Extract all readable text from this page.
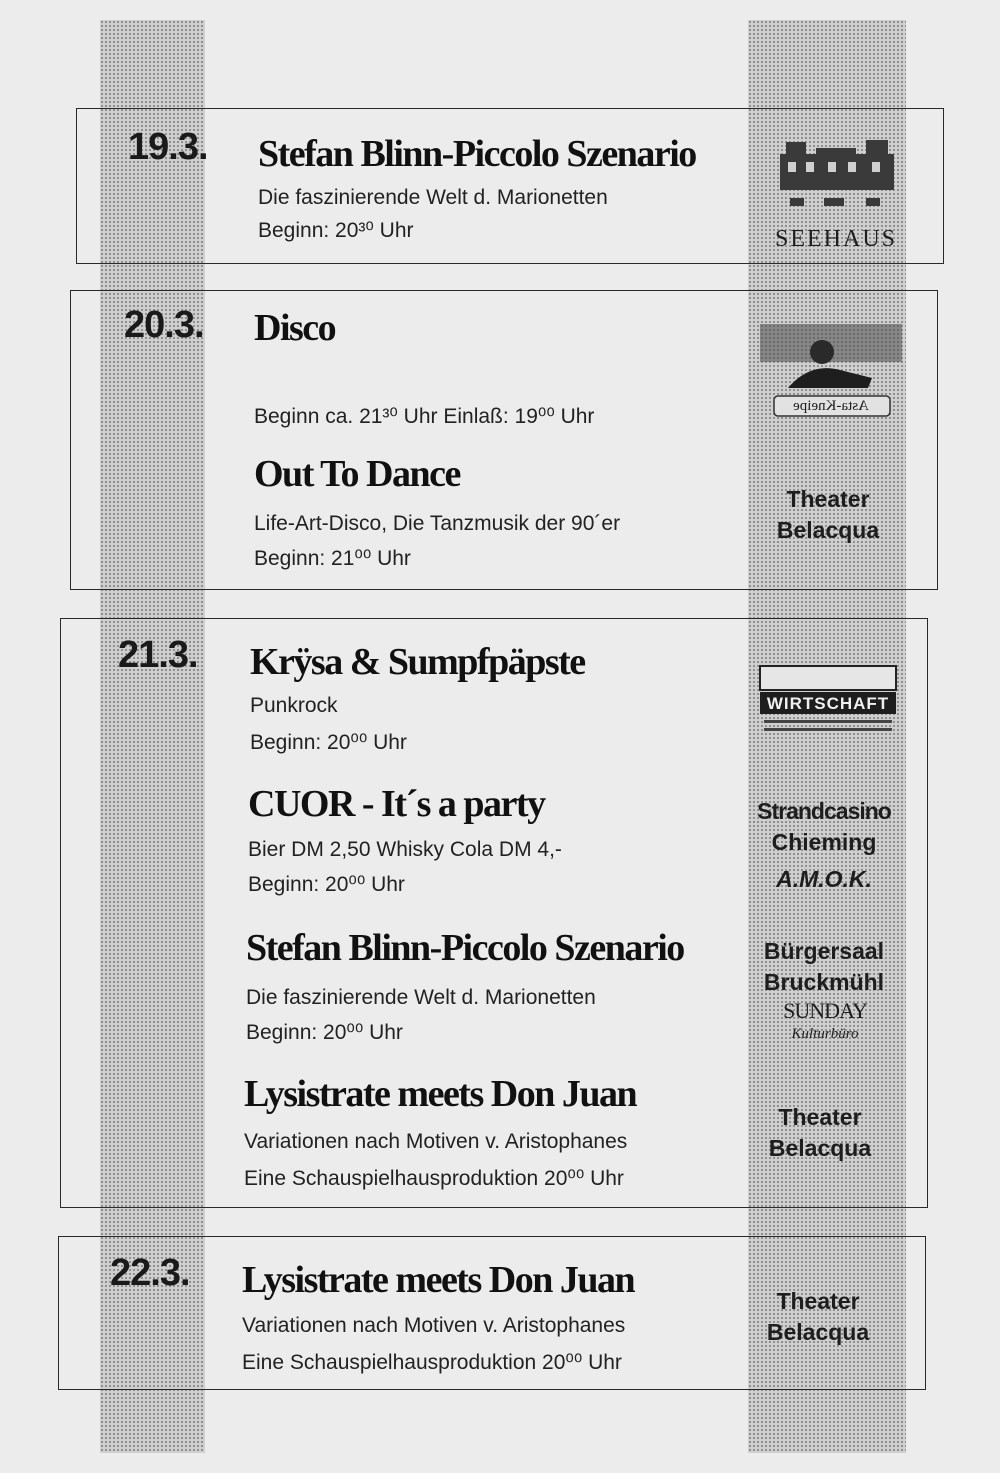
19.3. Stefan Blinn-Piccolo Szenario
Die faszinierende Welt d. Marionetten
Beginn: 20³⁰ Uhr	SEEHAUS
20.3. Disco
Beginn ca. 21³⁰ Uhr Einlaß: 19⁰⁰ Uhr	Asta-Kneipe
Out To Dance
Life-Art-Disco, Die Tanzmusik der 90´er
Beginn: 21⁰⁰ Uhr
Theater
Belacqua
21.3. Krÿsa & Sumpfpäpste
Punkrock
Beginn: 20⁰⁰ Uhr
WIRTSCHAFT
CUOR - It´s a party
Bier DM 2,50 Whisky Cola DM 4,-
Beginn: 20⁰⁰ Uhr
Strandcasino
Chieming
A.M.O.K.
Stefan Blinn-Piccolo Szenario
Die faszinierende Welt d. Marionetten
Beginn: 20⁰⁰ Uhr
Bürgersaal
Bruckmühl
SUNDAY
Kulturbüro
Lysistrate meets Don Juan
Variationen nach Motiven v. Aristophanes
Eine Schauspielhausproduktion 20⁰⁰ Uhr
Theater
Belacqua
22.3. Lysistrate meets Don Juan
Variationen nach Motiven v. Aristophanes
Eine Schauspielhausproduktion 20⁰⁰ Uhr
Theater
Belacqua
